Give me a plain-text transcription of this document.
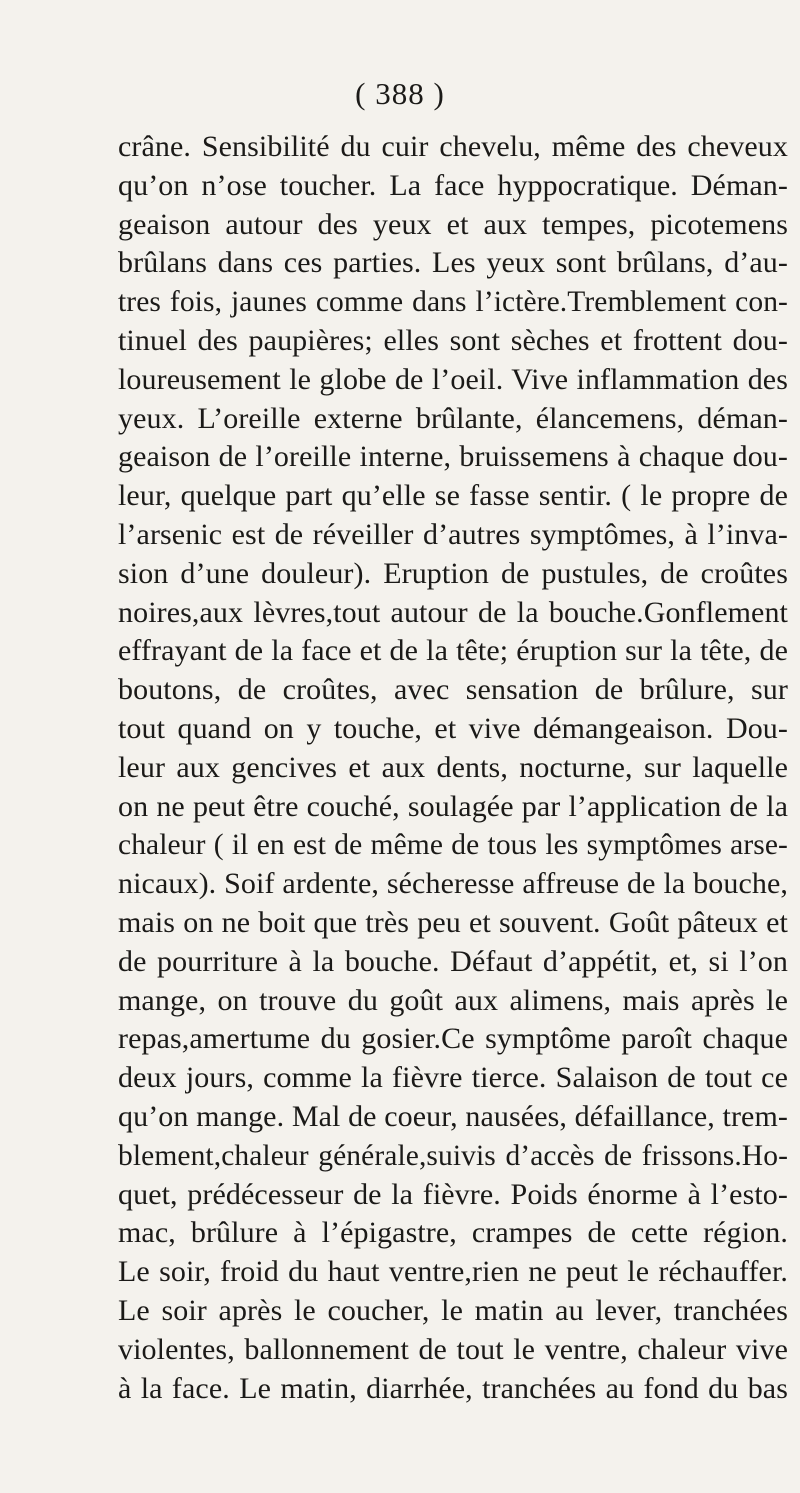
( 388 )
crâne. Sensibilité du cuir chevelu, même des cheveux
qu’on n’ose toucher. La face hyppocratique. Déman-
geaison autour des yeux et aux tempes, picotemens
brûlans dans ces parties. Les yeux sont brûlans, d’au-
tres fois, jaunes comme dans l’ictère.Tremblement con-
tinuel des paupières; elles sont sèches et frottent dou-
loureusement le globe de l’oeil. Vive inflammation des
yeux. L’oreille externe brûlante, élancemens, déman-
geaison de l’oreille interne, bruissemens à chaque dou-
leur, quelque part qu’elle se fasse sentir. ( le propre de
l’arsenic est de réveiller d’autres symptômes, à l’inva-
sion d’une douleur). Eruption de pustules, de croûtes
noires,aux lèvres,tout autour de la bouche.Gonflement
effrayant de la face et de la tête; éruption sur la tête, de
boutons, de croûtes, avec sensation de brûlure, sur
tout quand on y touche, et vive démangeaison. Dou-
leur aux gencives et aux dents, nocturne, sur laquelle
on ne peut être couché, soulagée par l’application de la
chaleur ( il en est de même de tous les symptômes arse-
nicaux). Soif ardente, sécheresse affreuse de la bouche,
mais on ne boit que très peu et souvent. Goût pâteux et
de pourriture à la bouche. Défaut d’appétit, et, si l’on
mange, on trouve du goût aux alimens, mais après le
repas,amertume du gosier.Ce symptôme paroît chaque
deux jours, comme la fièvre tierce. Salaison de tout ce
qu’on mange. Mal de coeur, nausées, défaillance, trem-
blement,chaleur générale,suivis d’accès de frissons.Ho-
quet, prédécesseur de la fièvre. Poids énorme à l’esto-
mac, brûlure à l’épigastre, crampes de cette région.
Le soir, froid du haut ventre,rien ne peut le réchauffer.
Le soir après le coucher, le matin au lever, tranchées
violentes, ballonnement de tout le ventre, chaleur vive
à la face. Le matin, diarrhée, tranchées au fond du bas
